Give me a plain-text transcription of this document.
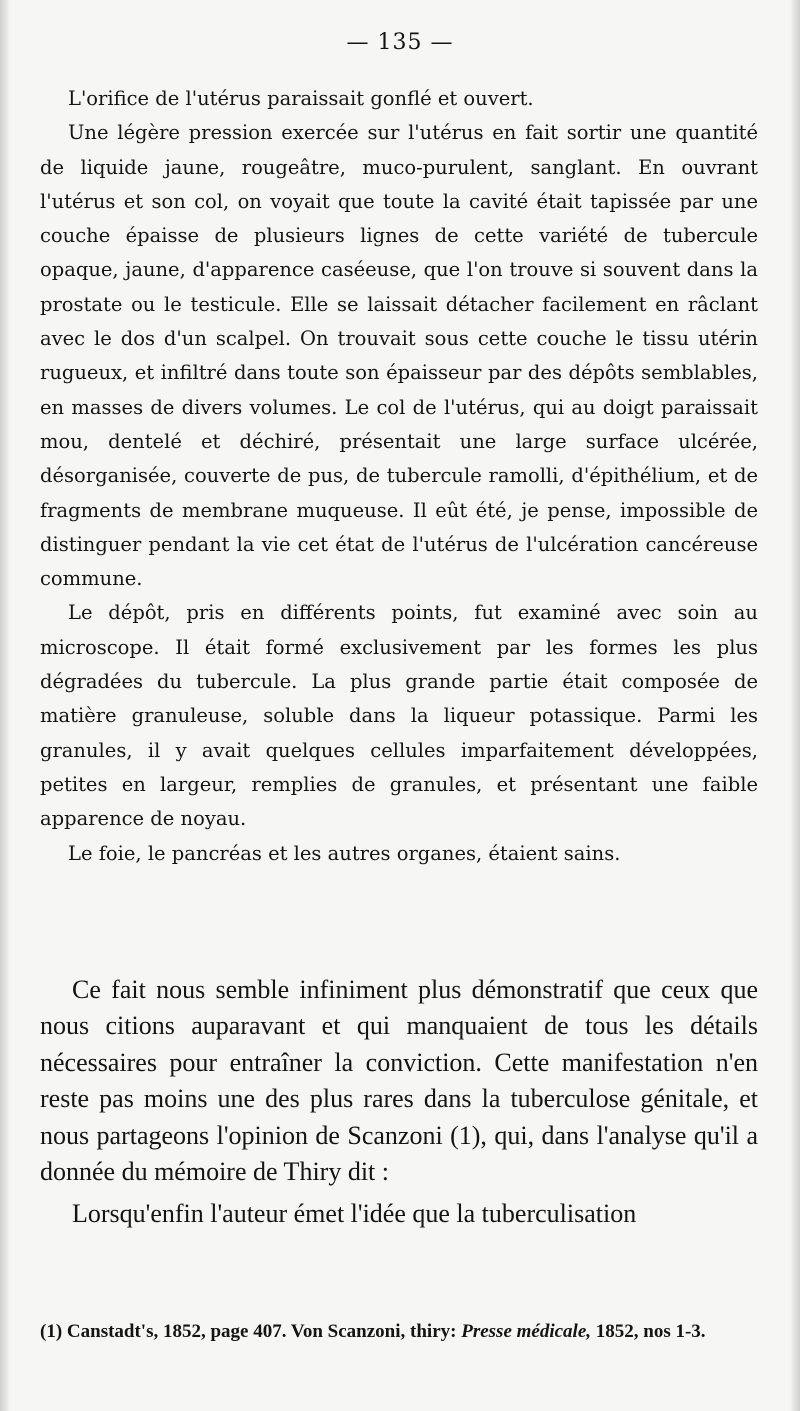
— 135 —

L'orifice de l'utérus paraissait gonflé et ouvert.

Une légère pression exercée sur l'utérus en fait sortir une quantité de liquide jaune, rougeâtre, muco-purulent, sanglant. En ouvrant l'utérus et son col, on voyait que toute la cavité était tapissée par une couche épaisse de plusieurs lignes de cette variété de tubercule opaque, jaune, d'apparence caséeuse, que l'on trouve si souvent dans la prostate ou le testicule. Elle se laissait détacher facilement en râclant avec le dos d'un scalpel. On trouvait sous cette couche le tissu utérin rugueux, et infiltré dans toute son épaisseur par des dépôts semblables, en masses de divers volumes. Le col de l'utérus, qui au doigt paraissait mou, dentelé et déchiré, présentait une large surface ulcérée, désorganisée, couverte de pus, de tubercule ramolli, d'épithélium, et de fragments de membrane muqueuse. Il eût été, je pense, impossible de distinguer pendant la vie cet état de l'utérus de l'ulcération cancéreuse commune.

Le dépôt, pris en différents points, fut examiné avec soin au microscope. Il était formé exclusivement par les formes les plus dégradées du tubercule. La plus grande partie était composée de matière granuleuse, soluble dans la liqueur potassique. Parmi les granules, il y avait quelques cellules imparfaitement développées, petites en largeur, remplies de granules, et présentant une faible apparence de noyau.

Le foie, le pancréas et les autres organes, étaient sains.

Ce fait nous semble infiniment plus démonstratif que ceux que nous citions auparavant et qui manquaient de tous les détails nécessaires pour entraîner la conviction. Cette manifestation n'en reste pas moins une des plus rares dans la tuberculose génitale, et nous partageons l'opinion de Scanzoni (1), qui, dans l'analyse qu'il a donnée du mémoire de Thiry dit :

Lorsqu'enfin l'auteur émet l'idée que la tuberculisation

(1) Canstadt's, 1852, page 407. Von Scanzoni, thiry: Presse médicale, 1852, nos 1-3.
